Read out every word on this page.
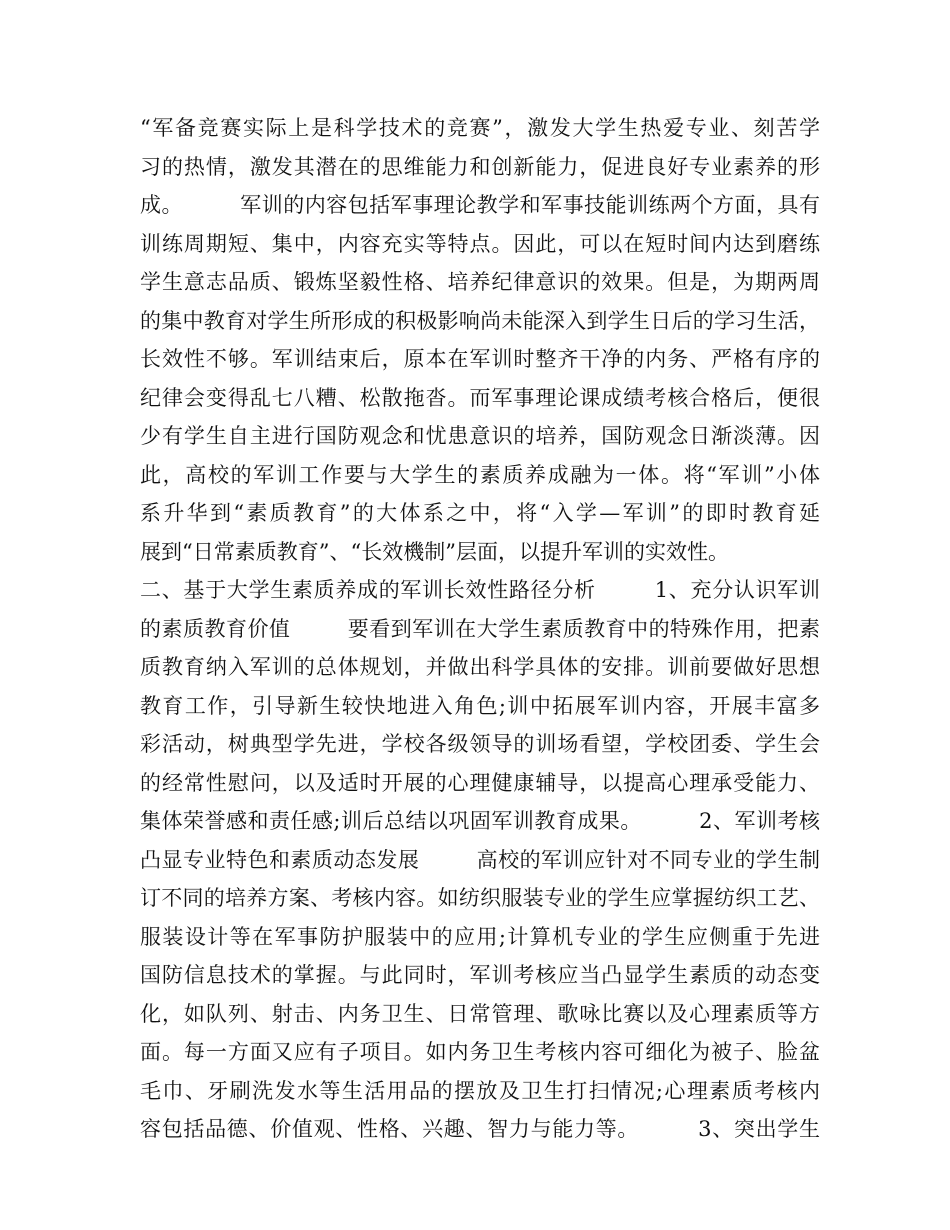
“军备竞赛实际上是科学技术的竞赛”，激发大学生热爱专业、刻苦学
习的热情，激发其潜在的思维能力和创新能力，促进良好专业素养的形
成。        军训的内容包括军事理论教学和军事技能训练两个方面，具有
训练周期短、集中，内容充实等特点。因此，可以在短时间内达到磨练
学生意志品质、锻炼坚毅性格、培养纪律意识的效果。但是，为期两周
的集中教育对学生所形成的积极影响尚未能深入到学生日后的学习生活，
长效性不够。军训结束后，原本在军训时整齐干净的内务、严格有序的
纪律会变得乱七八糟、松散拖沓。而军事理论课成绩考核合格后，便很
少有学生自主进行国防观念和忧患意识的培养，国防观念日渐淡薄。因
此，高校的军训工作要与大学生的素质养成融为一体。将“军训”小体
系升华到“素质教育”的大体系之中，将“入学—军训”的即时教育延
展到“日常素质教育”、“长效機制”层面，以提升军训的实效性。
二、基于大学生素质养成的军训长效性路径分析        1、充分认识军训
的素质教育价值        要看到军训在大学生素质教育中的特殊作用，把素
质教育纳入军训的总体规划，并做出科学具体的安排。训前要做好思想
教育工作，引导新生较快地进入角色;训中拓展军训内容，开展丰富多
彩活动，树典型学先进，学校各级领导的训场看望，学校团委、学生会
的经常性慰问，以及适时开展的心理健康辅导，以提高心理承受能力、
集体荣誉感和责任感;训后总结以巩固军训教育成果。        2、军训考核
凸显专业特色和素质动态发展        高校的军训应针对不同专业的学生制
订不同的培养方案、考核内容。如纺织服装专业的学生应掌握纺织工艺、
服装设计等在军事防护服装中的应用;计算机专业的学生应侧重于先进
国防信息技术的掌握。与此同时，军训考核应当凸显学生素质的动态变
化，如队列、射击、内务卫生、日常管理、歌咏比赛以及心理素质等方
面。每一方面又应有子项目。如内务卫生考核内容可细化为被子、脸盆
毛巾、牙刷洗发水等生活用品的摆放及卫生打扫情况;心理素质考核内
容包括品德、价值观、性格、兴趣、智力与能力等。        3、突出学生
